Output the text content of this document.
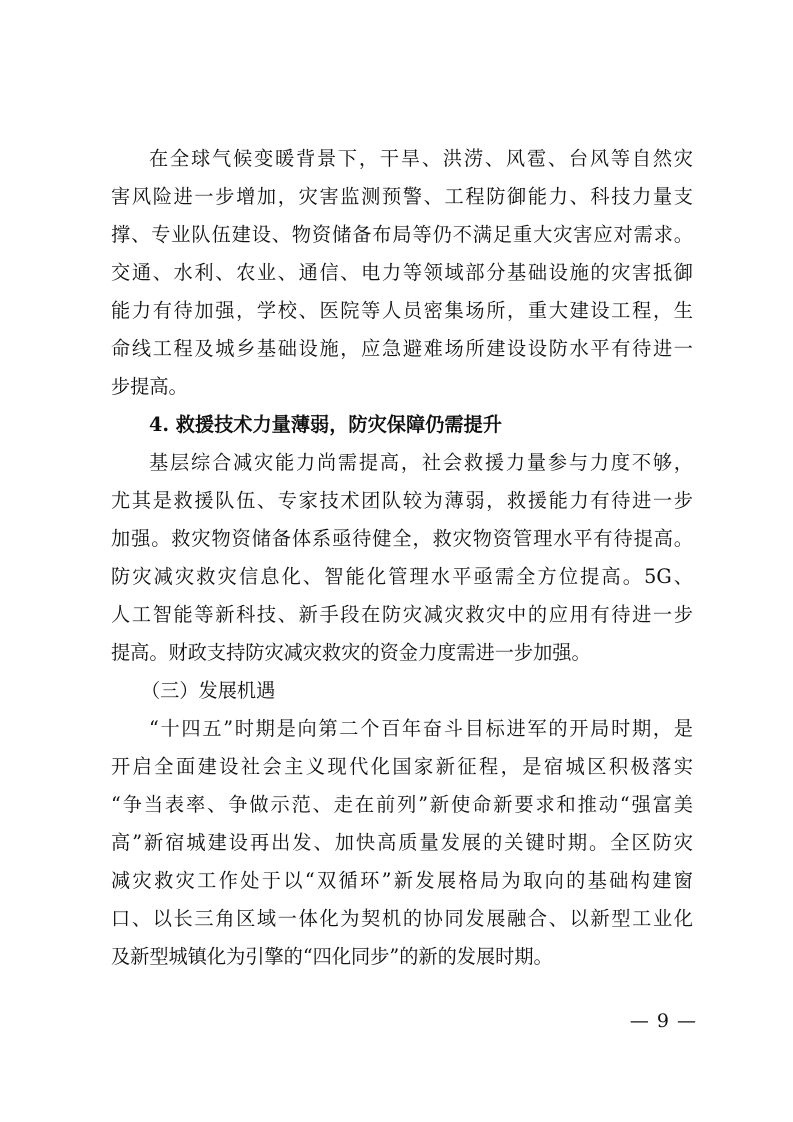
在全球气候变暖背景下，干旱、洪涝、风雹、台风等自然灾
害风险进一步增加，灾害监测预警、工程防御能力、科技力量支
撑、专业队伍建设、物资储备布局等仍不满足重大灾害应对需求。
交通、水利、农业、通信、电力等领域部分基础设施的灾害抵御
能力有待加强，学校、医院等人员密集场所，重大建设工程，生
命线工程及城乡基础设施，应急避难场所建设设防水平有待进一
步提高。
4. 救援技术力量薄弱，防灾保障仍需提升
基层综合减灾能力尚需提高，社会救援力量参与力度不够，
尤其是救援队伍、专家技术团队较为薄弱，救援能力有待进一步
加强。救灾物资储备体系亟待健全，救灾物资管理水平有待提高。
防灾减灾救灾信息化、智能化管理水平亟需全方位提高。5G、
人工智能等新科技、新手段在防灾减灾救灾中的应用有待进一步
提高。财政支持防灾减灾救灾的资金力度需进一步加强。
（三）发展机遇
“十四五”时期是向第二个百年奋斗目标进军的开局时期，是
开启全面建设社会主义现代化国家新征程，是宿城区积极落实
“争当表率、争做示范、走在前列”新使命新要求和推动“强富美
高”新宿城建设再出发、加快高质量发展的关键时期。全区防灾
减灾救灾工作处于以“双循环”新发展格局为取向的基础构建窗
口、以长三角区域一体化为契机的协同发展融合、以新型工业化
及新型城镇化为引擎的“四化同步”的新的发展时期。
— 9 —
